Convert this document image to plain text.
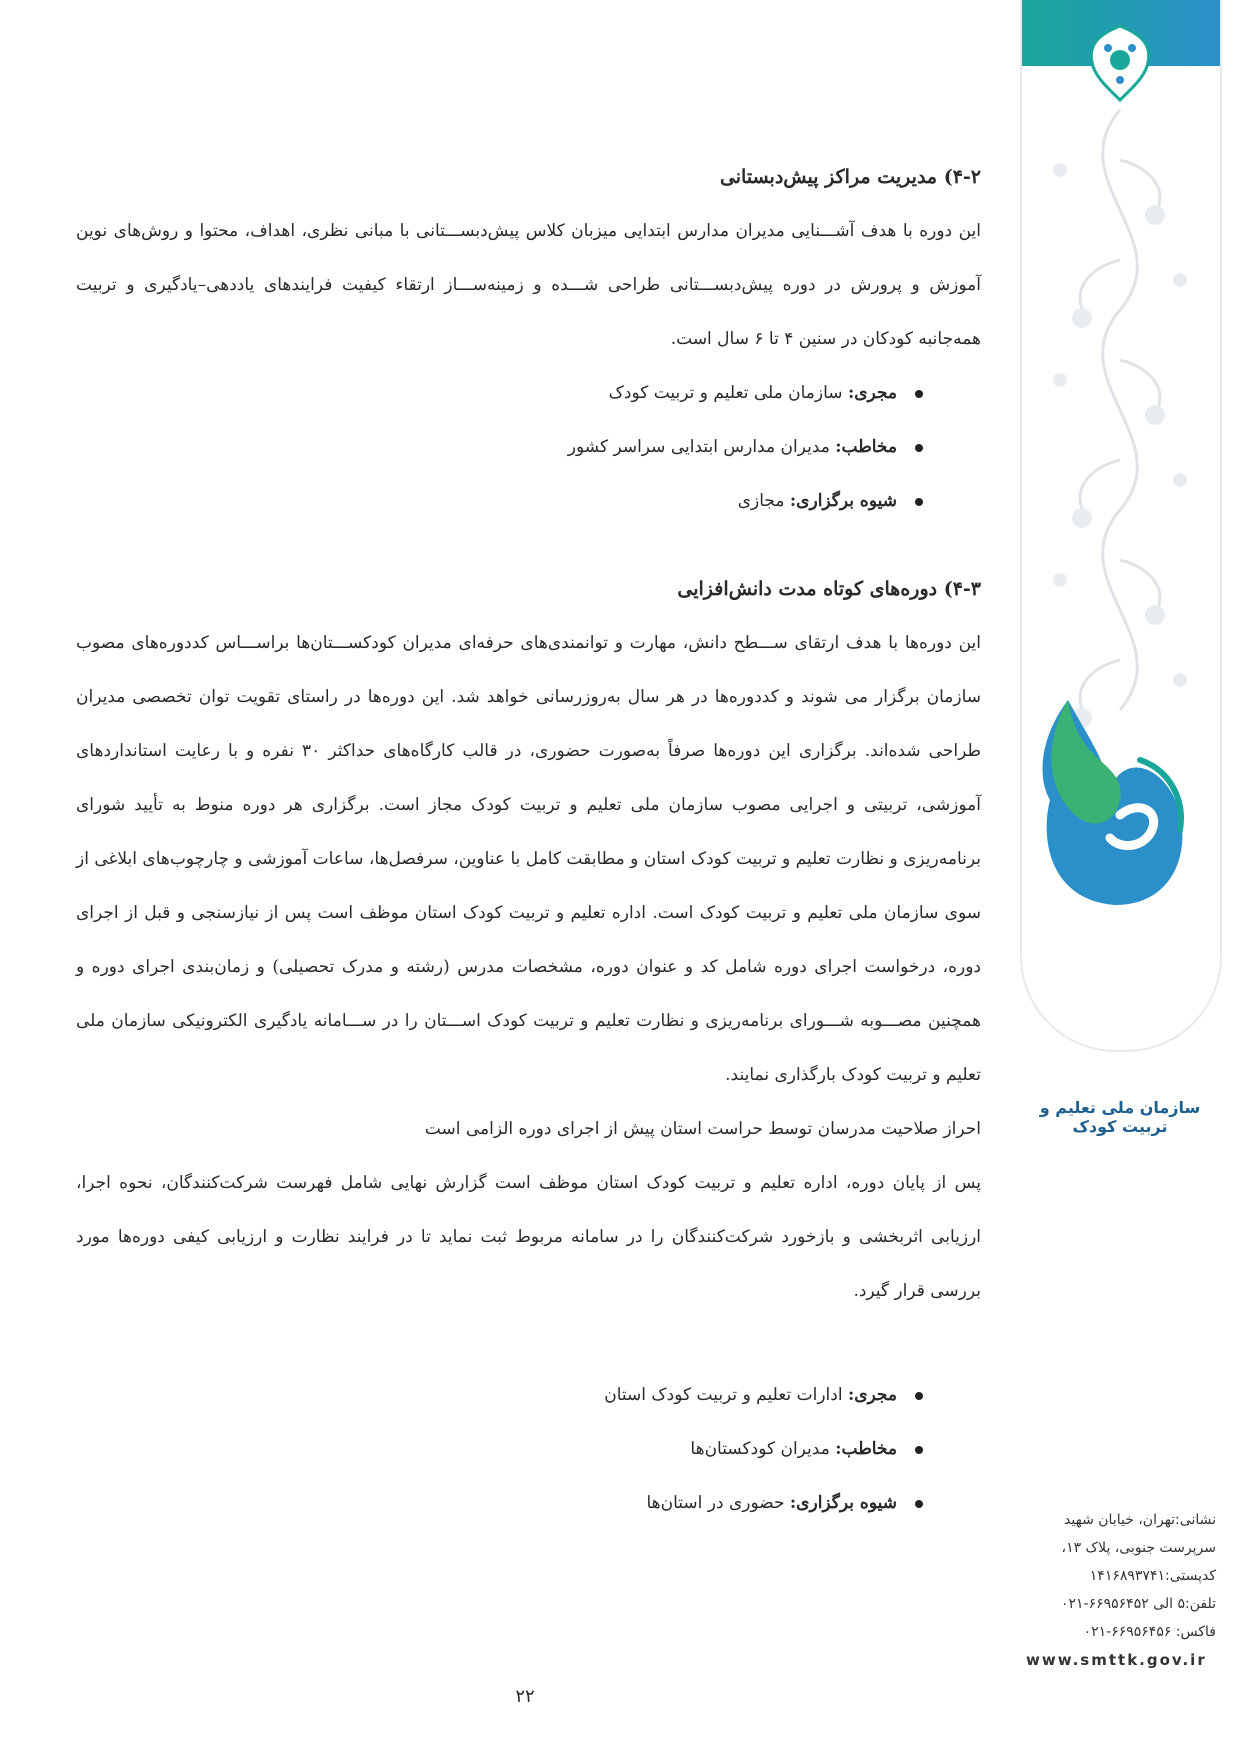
۴-۲) مدیریت مراکز پیش‌دبستانی

این دوره با هدف آشـــنایی مدیران مدارس ابتدایی میزبان کلاس پیش‌دبســـتانی با مبانی نظری، اهداف، محتوا و روش‌های نوین آموزش و پرورش در دوره پیش‌دبســـتانی طراحی شـــده و زمینه‌ســـاز ارتقاء کیفیت فرایندهای یاددهی–یادگیری و تربیت همه‌جانبه کودکان در سنین ۴ تا ۶ سال است.

مجری: سازمان ملی تعلیم و تربیت کودک
مخاطب: مدیران مدارس ابتدایی سراسر کشور
شیوه برگزاری: مجازی
۴-۳) دوره‌های کوتاه مدت دانش‌افزایی

این دوره‌ها با هدف ارتقای ســـطح دانش، مهارت و توانمندی‌های حرفه‌ای مدیران کودکســـتان‌ها براســـاس کددوره‌های مصوب سازمان برگزار می شوند و کددوره‌ها در هر سال به‌روزرسانی خواهد شد. این دوره‌ها در راستای تقویت توان تخصصی مدیران طراحی شده‌اند. برگزاری این دوره‌ها صرفاً به‌صورت حضوری، در قالب کارگاه‌های حداکثر ۳۰ نفره و با رعایت استانداردهای آموزشی، تربیتی و اجرایی مصوب سازمان ملی تعلیم و تربیت کودک مجاز است. برگزاری هر دوره منوط به تأیید شورای برنامه‌ریزی و نظارت تعلیم و تربیت کودک استان و مطابقت کامل با عناوین، سرفصل‌ها، ساعات آموزشی و چارچوب‌های ابلاغی از سوی سازمان ملی تعلیم و تربیت کودک است. اداره تعلیم و تربیت کودک استان موظف است پس از نیازسنجی و قبل از اجرای دوره، درخواست اجرای دوره شامل کد و عنوان دوره، مشخصات مدرس (رشته و مدرک تحصیلی) و زمان‌بندی اجرای دوره و همچنین مصـــوبه شـــورای برنامه‌ریزی و نظارت تعلیم و تربیت کودک اســـتان را در ســـامانه یادگیری الکترونیکی سازمان ملی تعلیم و تربیت کودک بارگذاری نمایند.

احراز صلاحیت مدرسان توسط حراست استان پیش از اجرای دوره الزامی است

پس از پایان دوره، اداره تعلیم و تربیت کودک استان موظف است گزارش نهایی شامل فهرست شرکت‌کنندگان، نحوه اجرا، ارزیابی اثربخشی و بازخورد شرکت‌کنندگان را در سامانه مربوط ثبت نماید تا در فرایند نظارت و ارزیابی کیفی دوره‌ها مورد بررسی قرار گیرد.

مجری: ادارات تعلیم و تربیت کودک استان
مخاطب: مدیران کودکستان‌ها
شیوه برگزاری: حضوری در استان‌ها
سازمان ملی تعلیم و تربیت کودک
نشانی:تهران، خیابان شهید
سرپرست جنوبی، پلاک ۱۳،
کدپستی:۱۴۱۶۸۹۳۷۴۱
تلفن:۵ الی ۶۶۹۵۶۴۵۲-۰۲۱
فاکس: ۶۶۹۵۶۴۵۶-۰۲۱
www.smttk.gov.ir
۲۲
